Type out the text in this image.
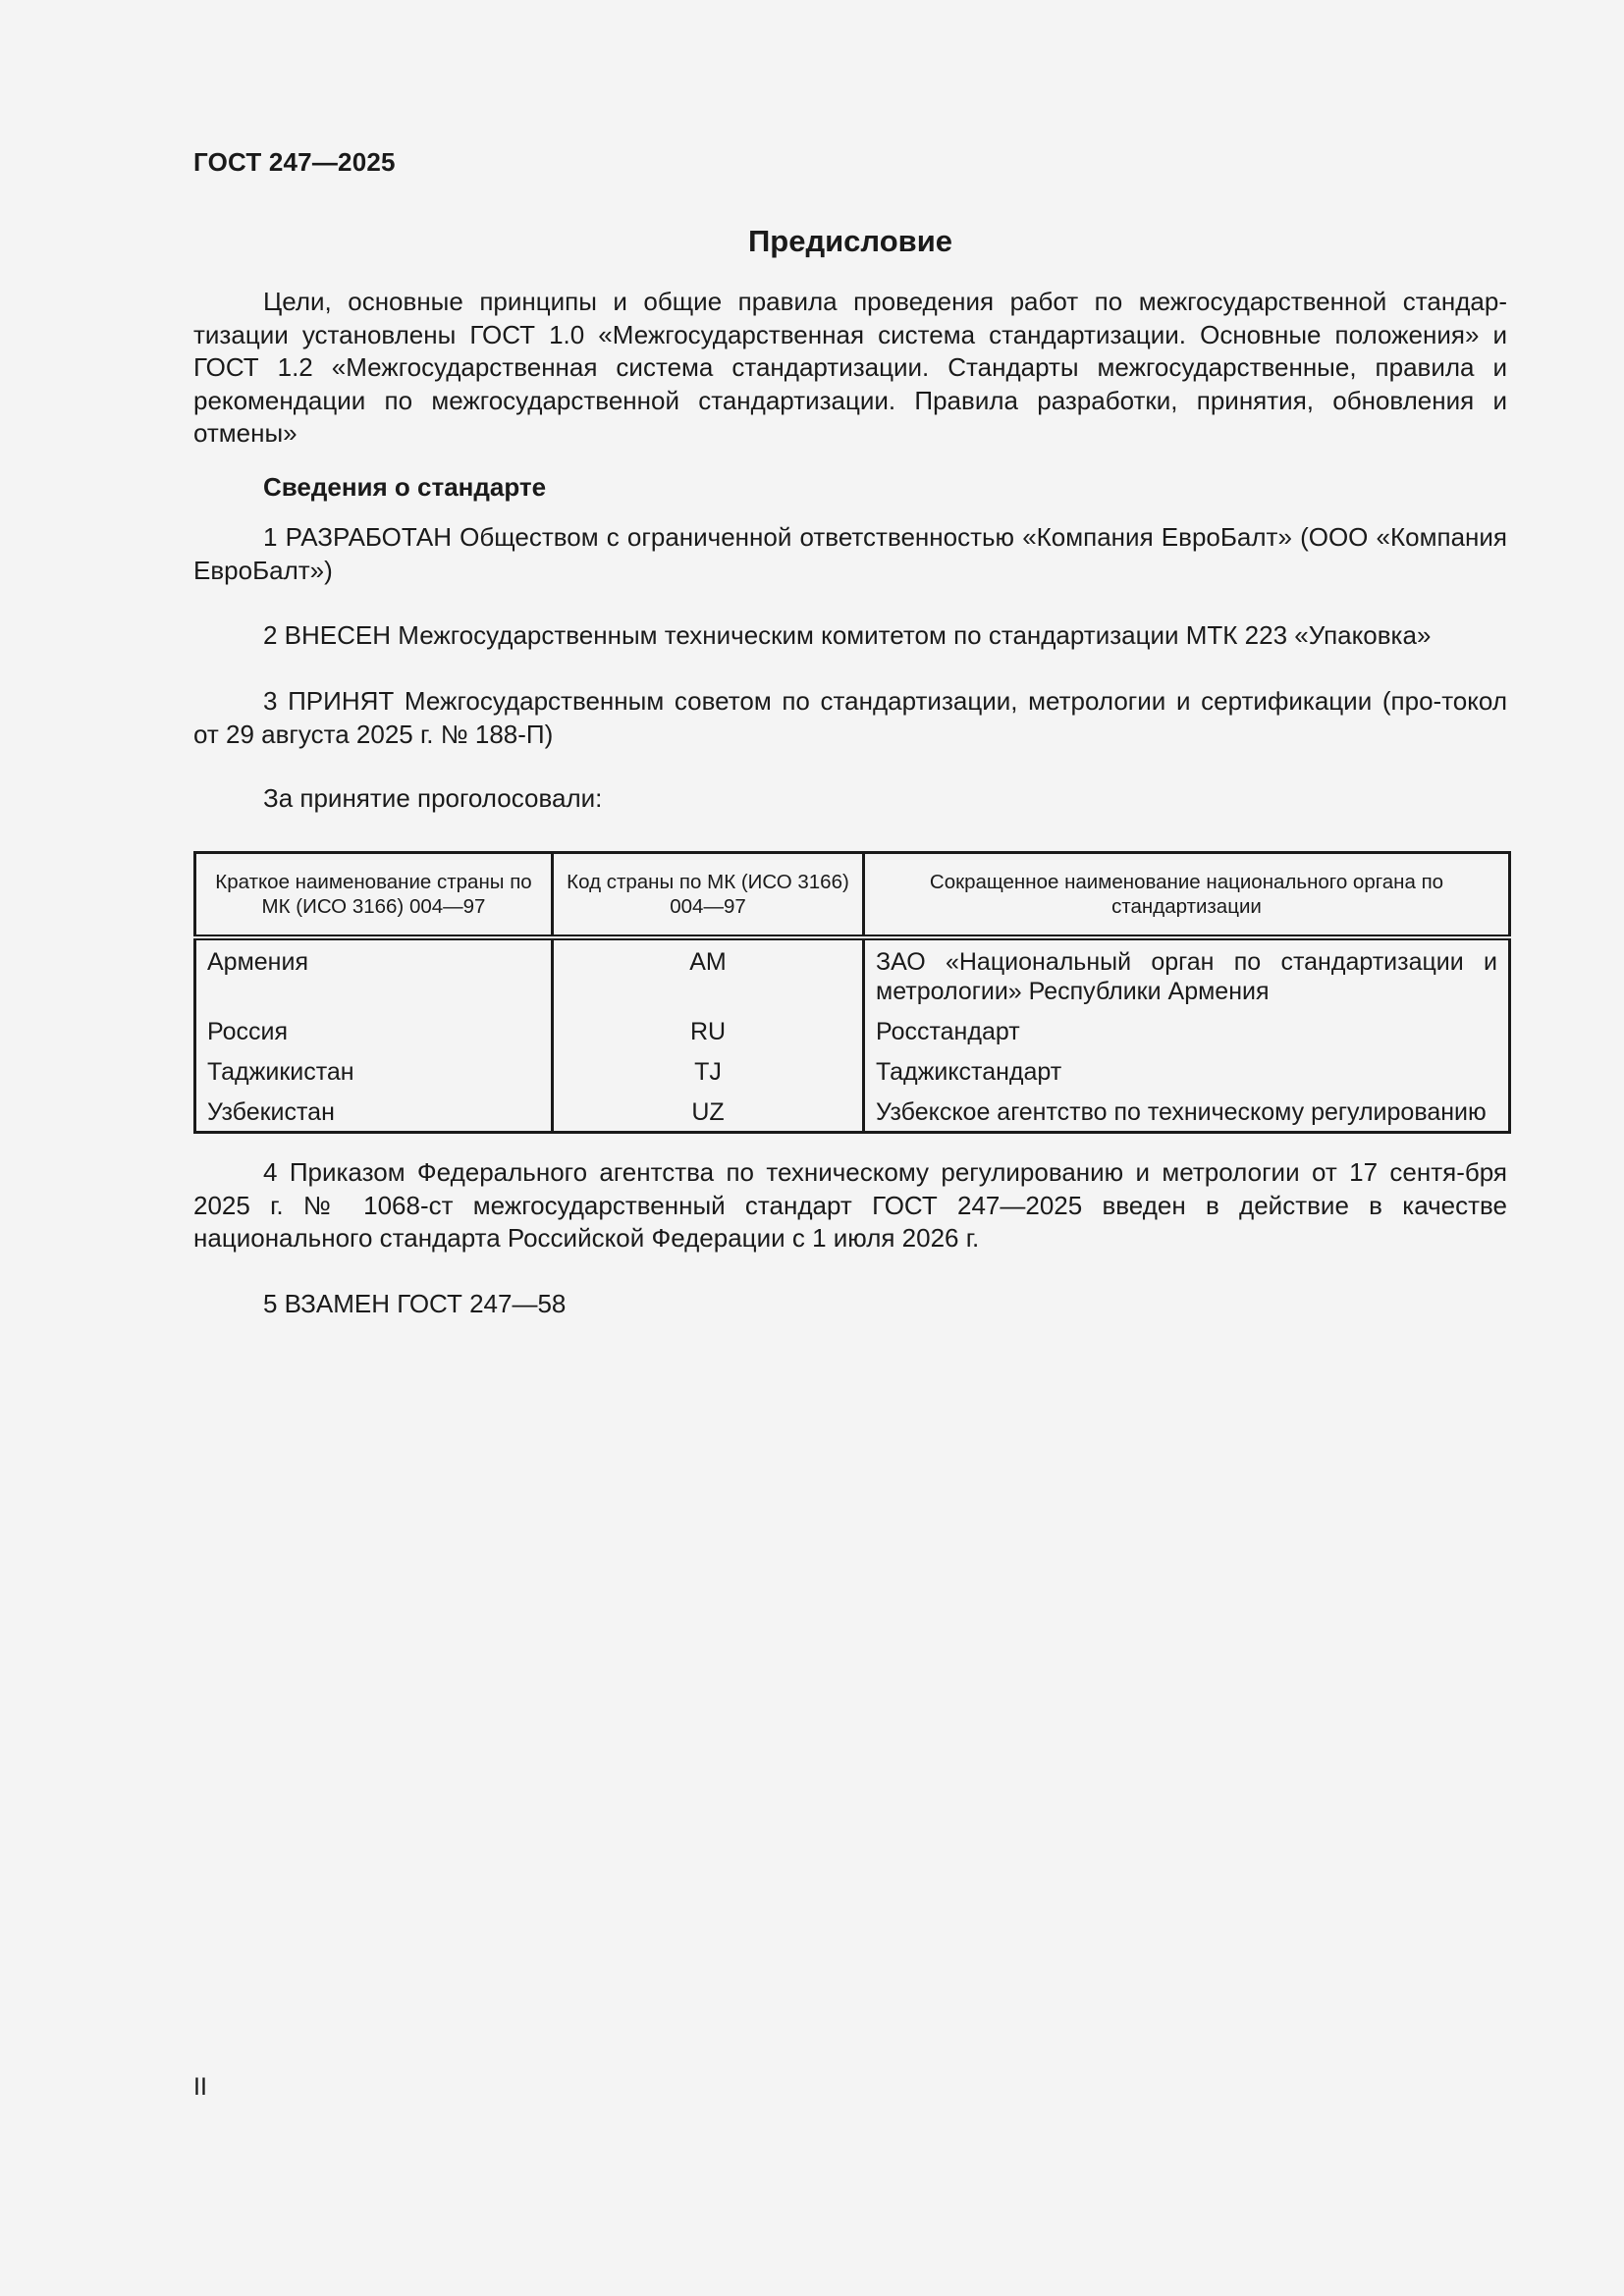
ГОСТ 247—2025
Предисловие

Цели, основные принципы и общие правила проведения работ по межгосударственной стандар-тизации установлены ГОСТ 1.0 «Межгосударственная система стандартизации. Основные положения» и ГОСТ 1.2 «Межгосударственная система стандартизации. Стандарты межгосударственные, правила и рекомендации по межгосударственной стандартизации. Правила разработки, принятия, обновления и отмены»

Сведения о стандарте

1 РАЗРАБОТАН Обществом с ограниченной ответственностью «Компания ЕвроБалт» (ООО «Компания ЕвроБалт»)

2 ВНЕСЕН Межгосударственным техническим комитетом по стандартизации МТК 223 «Упаковка»

3 ПРИНЯТ Межгосударственным советом по стандартизации, метрологии и сертификации (про-токол от 29 августа 2025 г. № 188-П)

За принятие проголосовали:
Краткое наименование страны по МК (ИСО 3166) 004—97	Код страны по МК (ИСО 3166) 004—97	Сокращенное наименование национального органа по стандартизации
Армения	AM	ЗАО «Национальный орган по стандартизации и метрологии» Республики Армения
Россия	RU	Росстандарт
Таджикистан	TJ	Таджикстандарт
Узбекистан	UZ	Узбекское агентство по техническому регулированию

4 Приказом Федерального агентства по техническому регулированию и метрологии от 17 сентя-бря 2025 г. № 1068-ст межгосударственный стандарт ГОСТ 247—2025 введен в действие в качестве национального стандарта Российской Федерации с 1 июля 2026 г.

5 ВЗАМЕН ГОСТ 247—58

II
